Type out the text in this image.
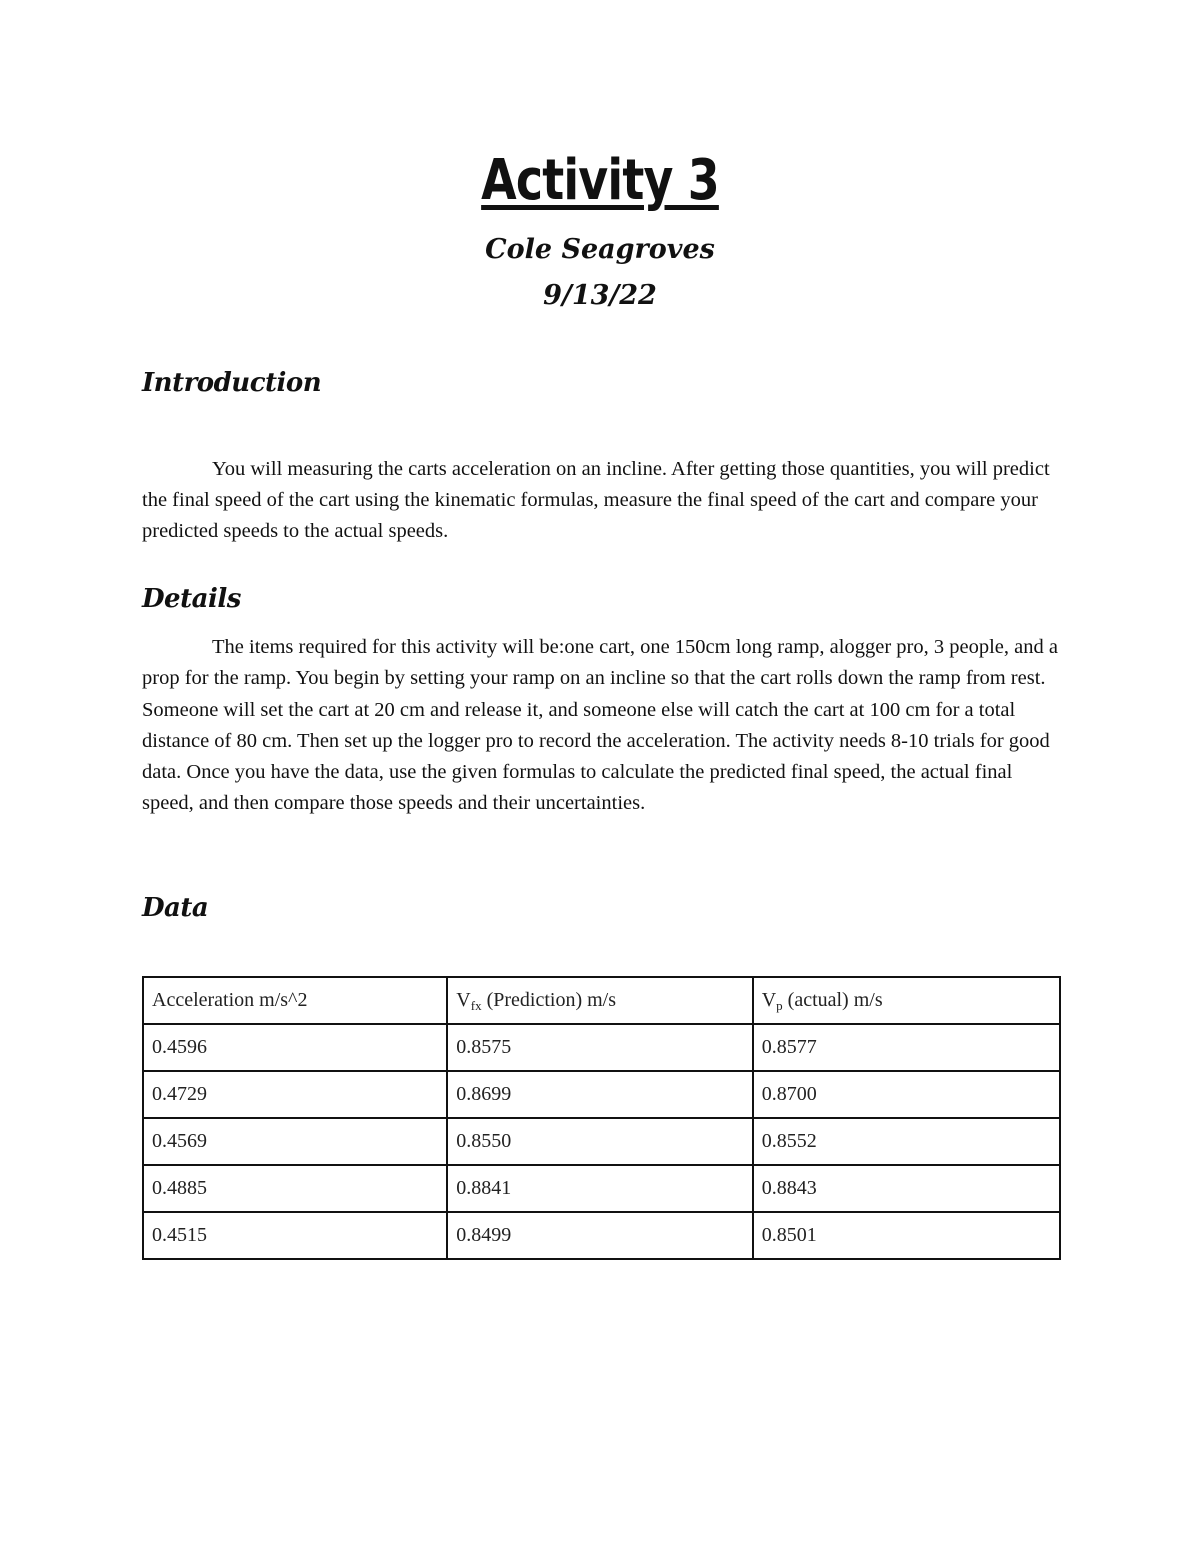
Activity 3
Cole Seagroves
9/13/22
Introduction

You will measuring the carts acceleration on an incline. After getting those quantities, you will predict the final speed of the cart using the kinematic formulas, measure the final speed of the cart and compare your predicted speeds to the actual speeds.

Details

The items required for this activity will be:one cart, one 150cm long ramp, alogger pro, 3 people, and a prop for the ramp. You begin by setting your ramp on an incline so that the cart rolls down the ramp from rest. Someone will set the cart at 20 cm and release it, and someone else will catch the cart at 100 cm for a total distance of 80 cm. Then set up the logger pro to record the acceleration. The activity needs 8-10 trials for good data. Once you have the data, use the given formulas to calculate the predicted final speed, the actual final speed, and then compare those speeds and their uncertainties.

Data
Acceleration m/s^2	$V_{fx}$ (Prediction) m/s	$V_p$ (actual) m/s
0.4596	0.8575	0.8577
0.4729	0.8699	0.8700
0.4569	0.8550	0.8552
0.4885	0.8841	0.8843
0.4515	0.8499	0.8501
